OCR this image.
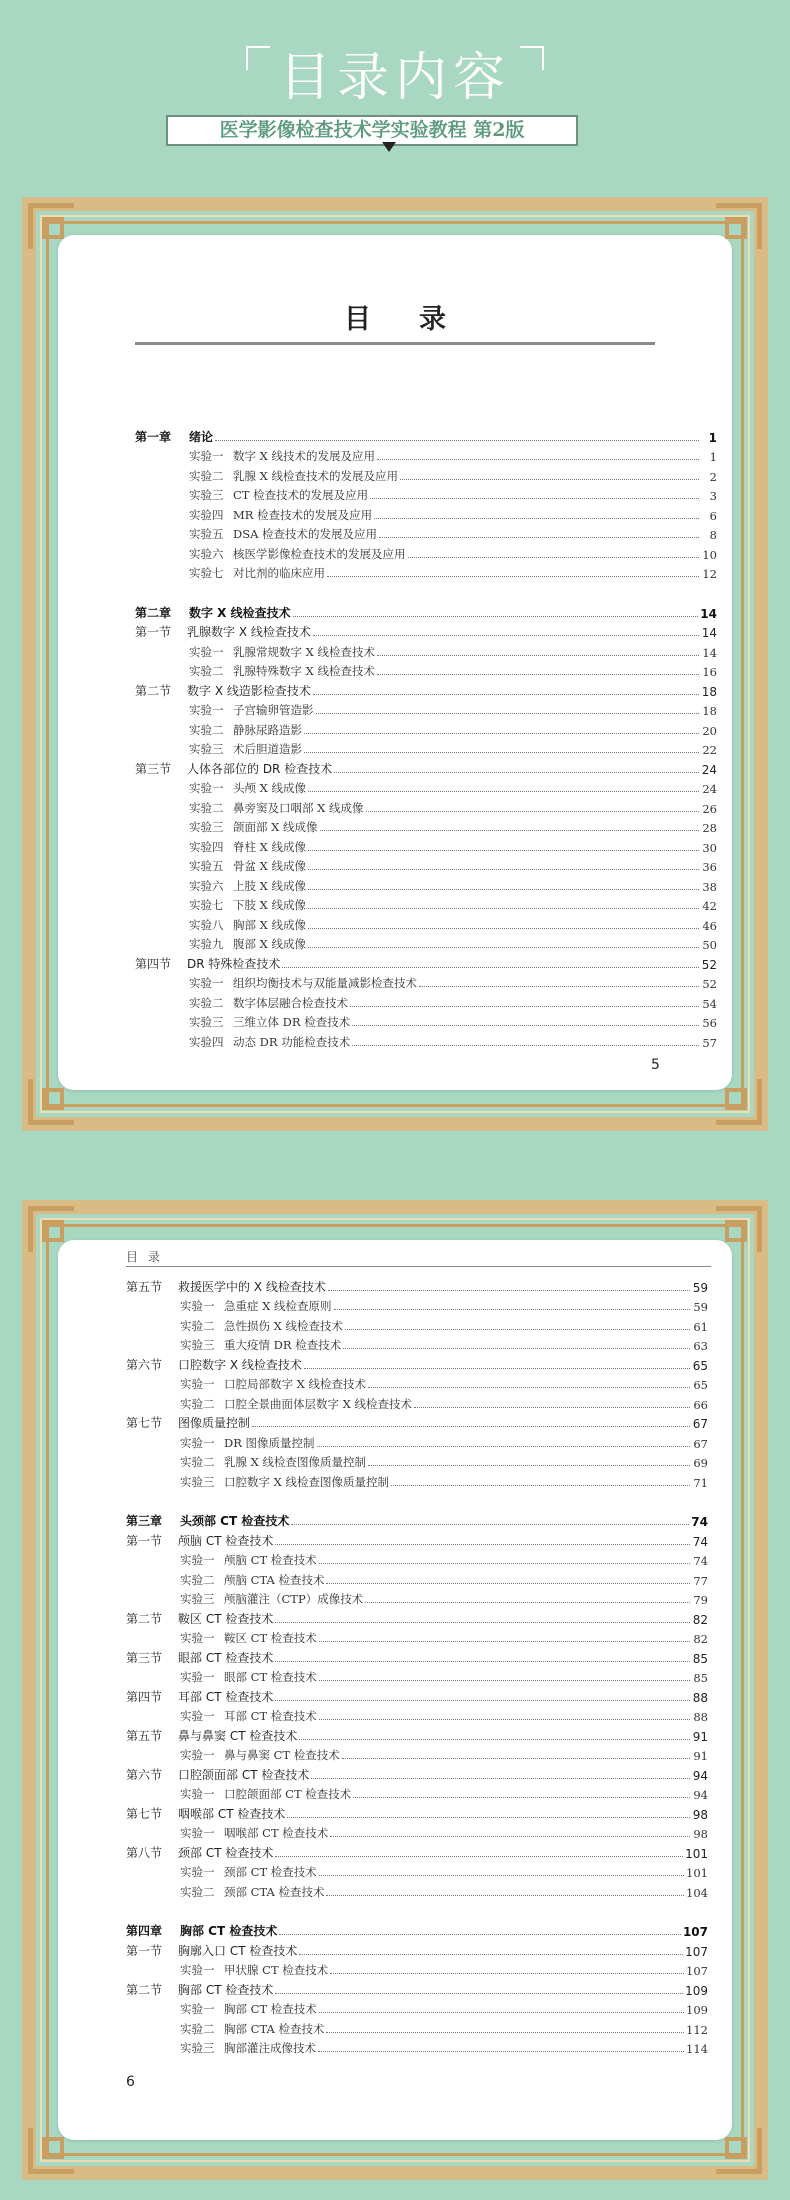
目录内容
医学影像检查技术学实验教程 第2版
目录
第一章	绪论	1
实验一 数字 X 线技术的发展及应用	1
实验二 乳腺 X 线检查技术的发展及应用	2
实验三 CT 检查技术的发展及应用	3
实验四 MR 检查技术的发展及应用	6
实验五 DSA 检查技术的发展及应用	8
实验六 核医学影像检查技术的发展及应用	10
实验七 对比剂的临床应用	12
第二章	数字 X 线检查技术	14
第一节	乳腺数字 X 线检查技术	14
实验一 乳腺常规数字 X 线检查技术	14
实验二 乳腺特殊数字 X 线检查技术	16
第二节	数字 X 线造影检查技术	18
实验一 子宫输卵管造影	18
实验二 静脉尿路造影	20
实验三 术后胆道造影	22
第三节	人体各部位的 DR 检查技术	24
实验一 头颅 X 线成像	24
实验二 鼻旁窦及口咽部 X 线成像	26
实验三 颌面部 X 线成像	28
实验四 脊柱 X 线成像	30
实验五 骨盆 X 线成像	36
实验六 上肢 X 线成像	38
实验七 下肢 X 线成像	42
实验八 胸部 X 线成像	46
实验九 腹部 X 线成像	50
第四节	DR 特殊检查技术	52
实验一 组织均衡技术与双能量减影检查技术	52
实验二 数字体层融合检查技术	54
实验三 三维立体 DR 检查技术	56
实验四 动态 DR 功能检查技术	57
5
目录
第五节	救援医学中的 X 线检查技术	59
实验一 急重症 X 线检查原则	59
实验二 急性损伤 X 线检查技术	61
实验三 重大疫情 DR 检查技术	63
第六节	口腔数字 X 线检查技术	65
实验一 口腔局部数字 X 线检查技术	65
实验二 口腔全景曲面体层数字 X 线检查技术	66
第七节	图像质量控制	67
实验一 DR 图像质量控制	67
实验二 乳腺 X 线检查图像质量控制	69
实验三 口腔数字 X 线检查图像质量控制	71
第三章	头颈部 CT 检查技术	74
第一节	颅脑 CT 检查技术	74
实验一 颅脑 CT 检查技术	74
实验二 颅脑 CTA 检查技术	77
实验三 颅脑灌注（CTP）成像技术	79
第二节	鞍区 CT 检查技术	82
实验一 鞍区 CT 检查技术	82
第三节	眼部 CT 检查技术	85
实验一 眼部 CT 检查技术	85
第四节	耳部 CT 检查技术	88
实验一 耳部 CT 检查技术	88
第五节	鼻与鼻窦 CT 检查技术	91
实验一 鼻与鼻窦 CT 检查技术	91
第六节	口腔颌面部 CT 检查技术	94
实验一 口腔颌面部 CT 检查技术	94
第七节	咽喉部 CT 检查技术	98
实验一 咽喉部 CT 检查技术	98
第八节	颈部 CT 检查技术	101
实验一 颈部 CT 检查技术	101
实验二 颈部 CTA 检查技术	104
第四章	胸部 CT 检查技术	107
第一节	胸廓入口 CT 检查技术	107
实验一 甲状腺 CT 检查技术	107
第二节	胸部 CT 检查技术	109
实验一 胸部 CT 检查技术	109
实验二 胸部 CTA 检查技术	112
实验三 胸部灌注成像技术	114
6
